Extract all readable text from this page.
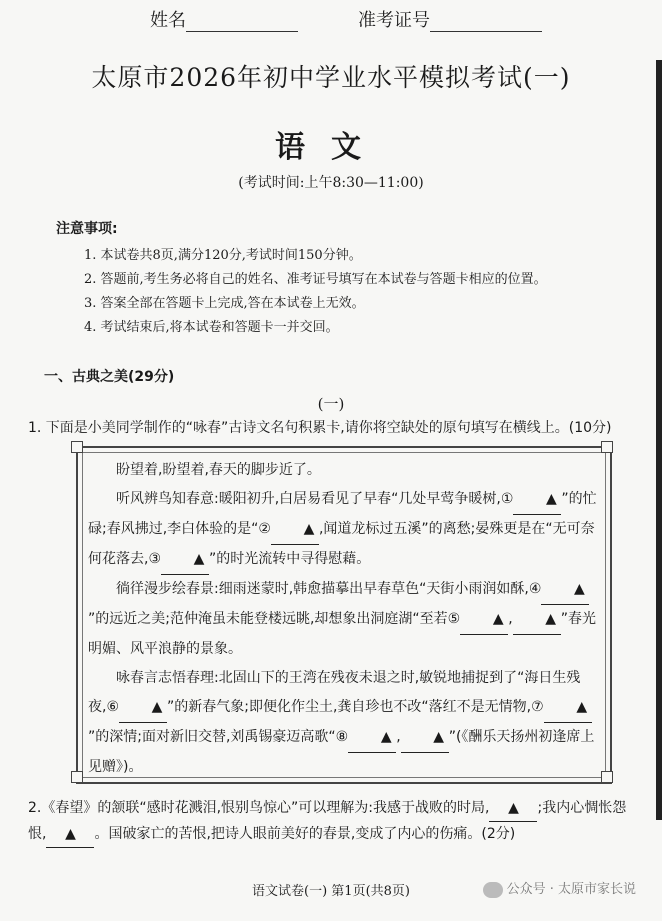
姓名	准考证号
太原市2026年初中学业水平模拟考试(一)
语文
(考试时间:上午8:30—11:00)
注意事项:
1. 本试卷共8页,满分120分,考试时间150分钟。
2. 答题前,考生务必将自己的姓名、准考证号填写在本试卷与答题卡相应的位置。
3. 答案全部在答题卡上完成,答在本试卷上无效。
4. 考试结束后,将本试卷和答题卡一并交回。
一、古典之美(29分)
(一)
1. 下面是小美同学制作的“咏春”古诗文名句积累卡,请你将空缺处的原句填写在横线上。(10分)

盼望着,盼望着,春天的脚步近了。

听风辨鸟知春意:暖阳初升,白居易看见了早春“几处早莺争暖树,① ▲ ”的忙碌;春风拂过,李白体验的是“② ▲ ,闻道龙标过五溪”的离愁;晏殊更是在“无可奈何花落去,③ ▲ ”的时光流转中寻得慰藉。

徜徉漫步绘春景:细雨迷蒙时,韩愈描摹出早春草色“天街小雨润如酥,④ ▲”的远近之美;范仲淹虽未能登楼远眺,却想象出洞庭湖“至若⑤ ▲ , ▲ ”春光明媚、风平浪静的景象。

咏春言志悟春理:北固山下的王湾在残夜未退之时,敏锐地捕捉到了“海日生残夜,⑥ ▲ ”的新春气象;即便化作尘土,龚自珍也不改“落红不是无情物,⑦ ▲”的深情;面对新旧交替,刘禹锡豪迈高歌“⑧ ▲ , ▲ ”(《酬乐天扬州初逢席上见赠》)。

2.《春望》的颔联“感时花溅泪,恨别鸟惊心”可以理解为:我感于战败的时局, ▲ ;我内心惆怅怨恨, ▲ 。国破家亡的苦恨,把诗人眼前美好的春景,变成了内心的伤痛。(2分)
语文试卷(一) 第1页(共8页)	公众号 · 太原市家长说
